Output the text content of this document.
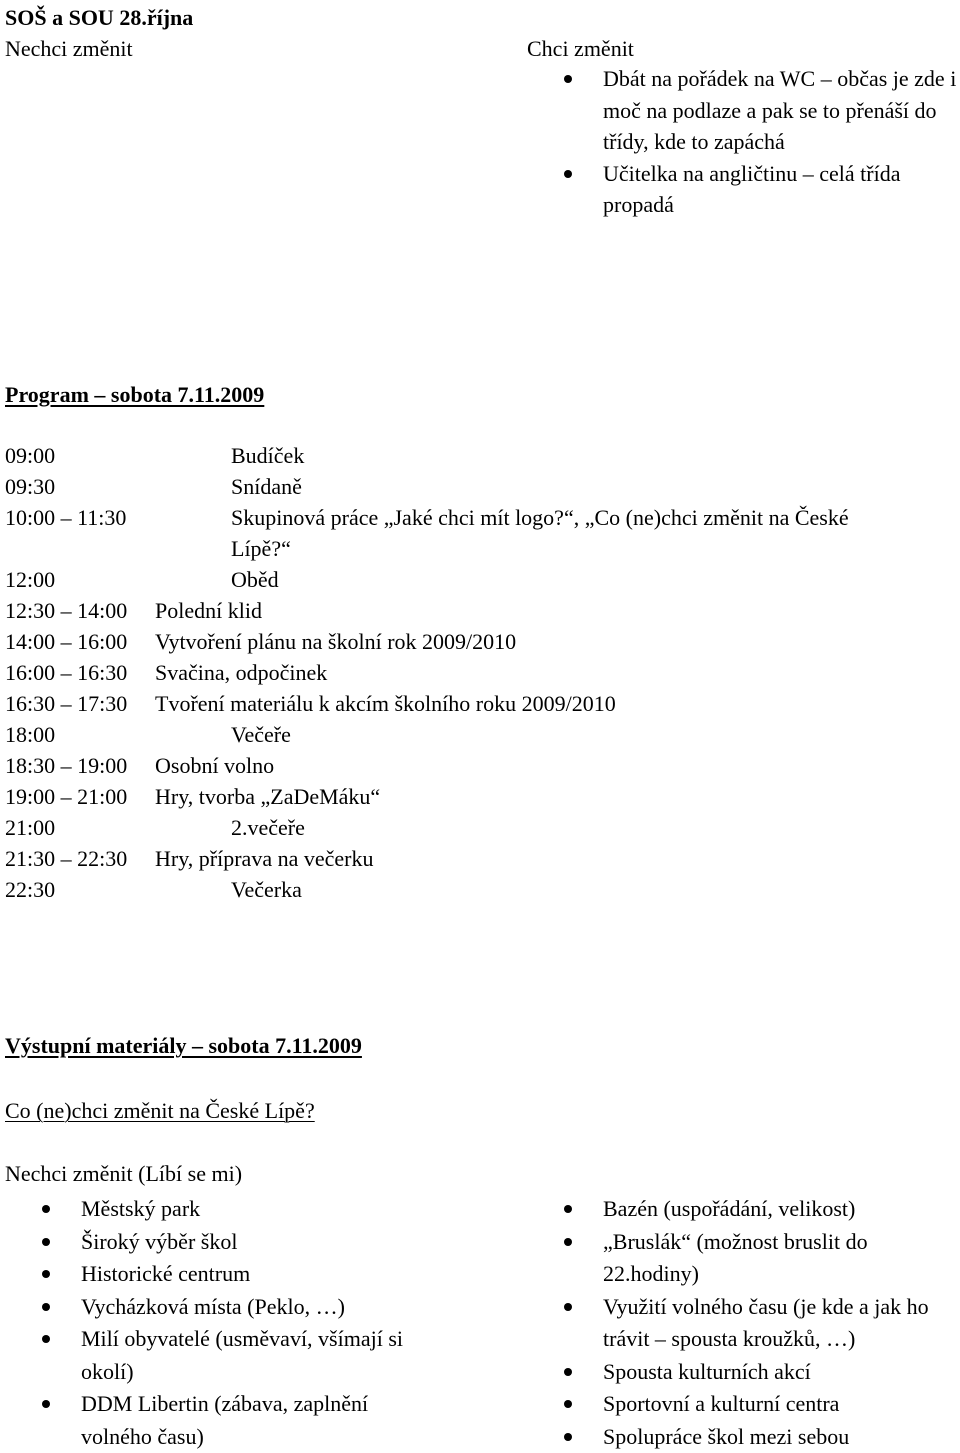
SOŠ a SOU 28.října
Nechci změnit	Chci změnit
Dbát na pořádek na WC – občas je zde i moč na podlaze a pak se to přenáší do třídy, kde to zapáchá
Učitelka na angličtinu – celá třída propadá
Program – sobota 7.11.2009
09:00	Budíček
09:30	Snídaně
10:00 – 11:30	Skupinová práce „Jaké chci mít logo?“, „Co (ne)chci změnit na České
Lípě?“
12:00	Oběd
12:30 – 14:00 Polední klid
14:00 – 16:00 Vytvoření plánu na školní rok 2009/2010
16:00 – 16:30 Svačina, odpočinek
16:30 – 17:30 Tvoření materiálu k akcím školního roku 2009/2010
18:00	Večeře
18:30 – 19:00 Osobní volno
19:00 – 21:00 Hry, tvorba „ZaDeMáku“
21:00	2.večeře
21:30 – 22:30 Hry, příprava na večerku
22:30	Večerka
Výstupní materiály – sobota 7.11.2009
Co (ne)chci změnit na České Lípě?
Nechci změnit (Líbí se mi)
Městský park
Široký výběr škol
Historické centrum
Vycházková místa (Peklo, …)
Milí obyvatelé (usměvaví, všímají si okolí)
DDM Libertin (zábava, zaplnění volného času)
Bazén (uspořádání, velikost)
„Bruslák“ (možnost bruslit do 22.hodiny)
Využití volného času (je kde a jak ho trávit – spousta kroužků, …)
Spousta kulturních akcí
Sportovní a kulturní centra
Spolupráce škol mezi sebou
